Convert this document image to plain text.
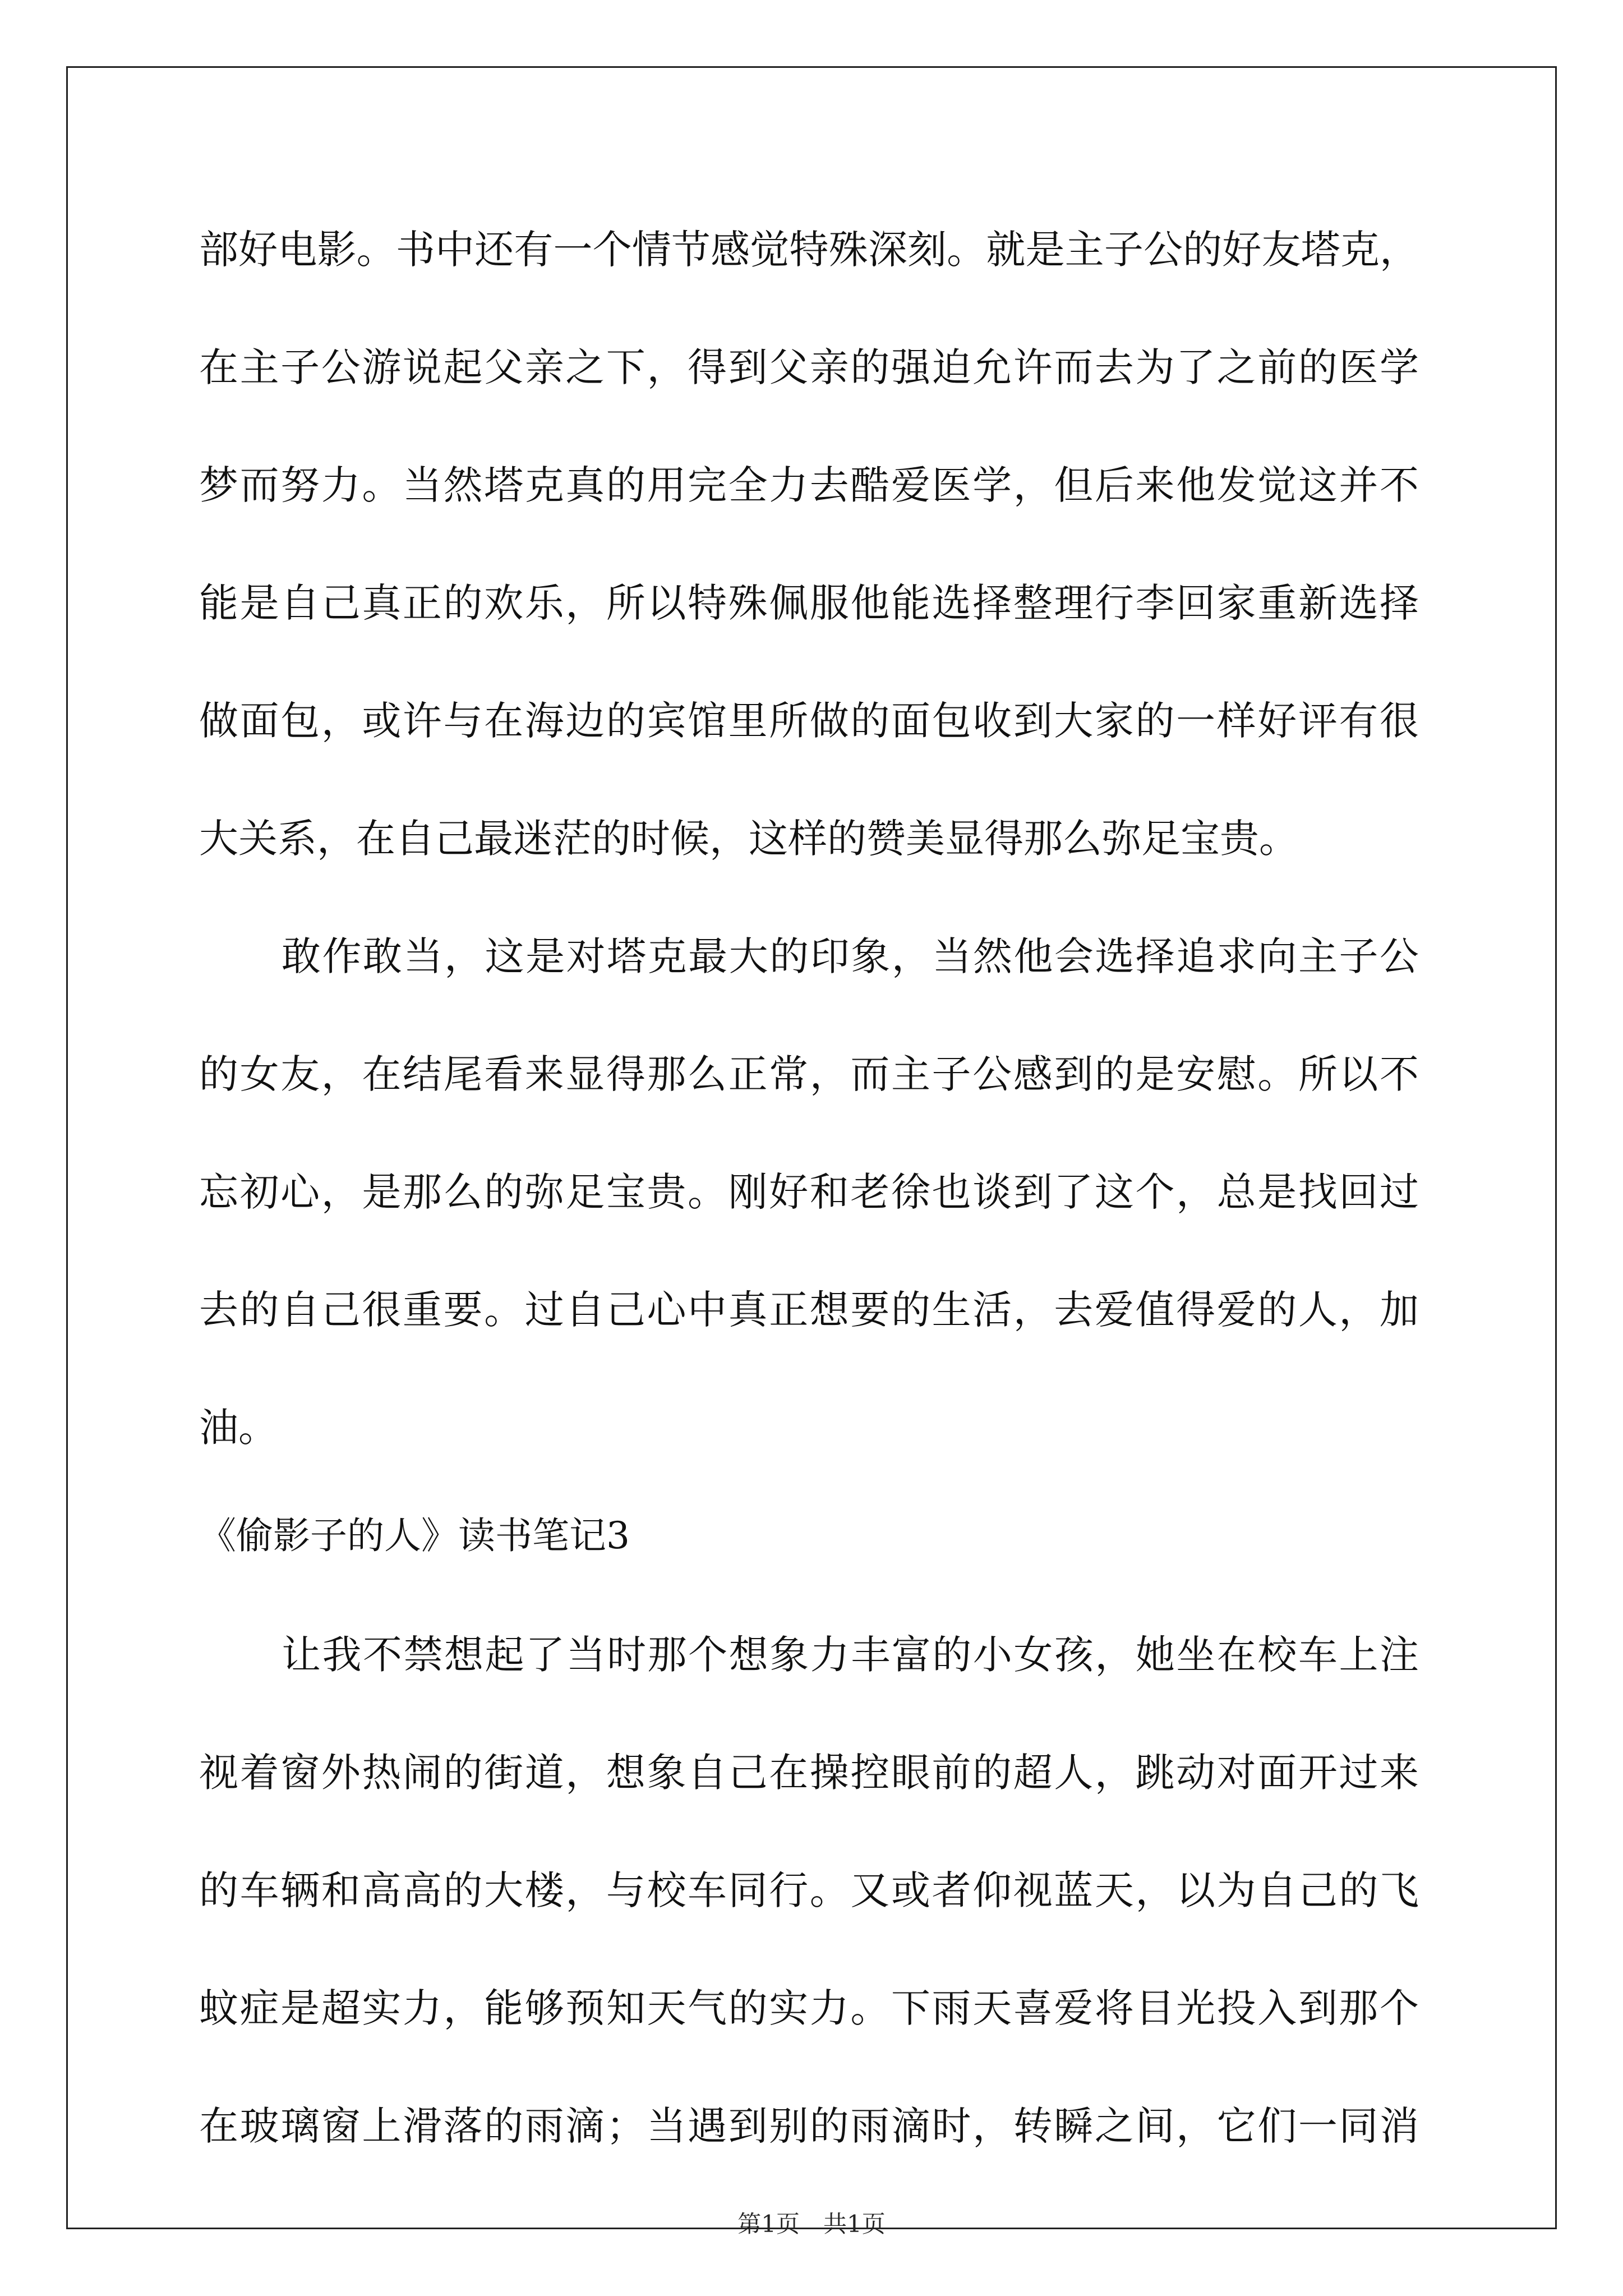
部好电影。书中还有一个情节感觉特殊深刻。就是主子公的好友塔克，
在主子公游说起父亲之下，得到父亲的强迫允许而去为了之前的医学
梦而努力。当然塔克真的用完全力去酷爱医学，但后来他发觉这并不
能是自己真正的欢乐，所以特殊佩服他能选择整理行李回家重新选择
做面包，或许与在海边的宾馆里所做的面包收到大家的一样好评有很
大关系，在自己最迷茫的时候，这样的赞美显得那么弥足宝贵。
敢作敢当，这是对塔克最大的印象，当然他会选择追求向主子公
的女友，在结尾看来显得那么正常，而主子公感到的是安慰。所以不
忘初心，是那么的弥足宝贵。刚好和老徐也谈到了这个，总是找回过
去的自己很重要。过自己心中真正想要的生活，去爱值得爱的人，加
油。
《偷影子的人》读书笔记3
让我不禁想起了当时那个想象力丰富的小女孩，她坐在校车上注
视着窗外热闹的街道，想象自己在操控眼前的超人，跳动对面开过来
的车辆和高高的大楼，与校车同行。又或者仰视蓝天，以为自己的飞
蚊症是超实力，能够预知天气的实力。下雨天喜爱将目光投入到那个
在玻璃窗上滑落的雨滴；当遇到别的雨滴时，转瞬之间，它们一同消
第1页　共1页
